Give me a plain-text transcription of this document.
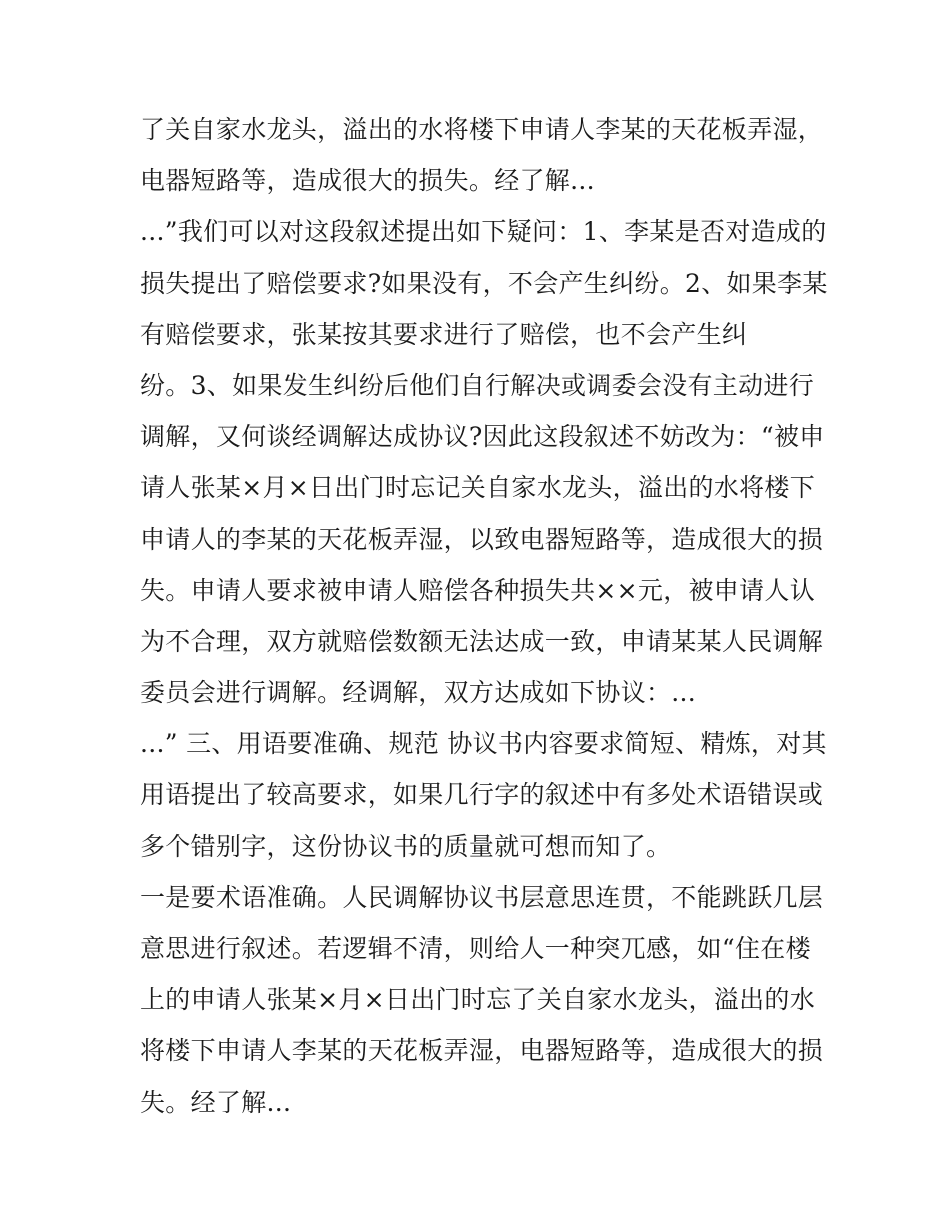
了关自家水龙头，溢出的水将楼下申请人李某的天花板弄湿，
电器短路等，造成很大的损失。经了解...
...”我们可以对这段叙述提出如下疑问：1、李某是否对造成的
损失提出了赔偿要求?如果没有，不会产生纠纷。2、如果李某
有赔偿要求，张某按其要求进行了赔偿，也不会产生纠
纷。3、如果发生纠纷后他们自行解决或调委会没有主动进行
调解，又何谈经调解达成协议?因此这段叙述不妨改为：“被申
请人张某×月×日出门时忘记关自家水龙头，溢出的水将楼下
申请人的李某的天花板弄湿，以致电器短路等，造成很大的损
失。申请人要求被申请人赔偿各种损失共××元，被申请人认
为不合理，双方就赔偿数额无法达成一致，申请某某人民调解
委员会进行调解。经调解，双方达成如下协议：...
...” 三、用语要准确、规范 协议书内容要求简短、精炼，对其
用语提出了较高要求，如果几行字的叙述中有多处术语错误或
多个错别字，这份协议书的质量就可想而知了。
一是要术语准确。人民调解协议书层意思连贯，不能跳跃几层
意思进行叙述。若逻辑不清，则给人一种突兀感，如“住在楼
上的申请人张某×月×日出门时忘了关自家水龙头，溢出的水
将楼下申请人李某的天花板弄湿，电器短路等，造成很大的损
失。经了解...
